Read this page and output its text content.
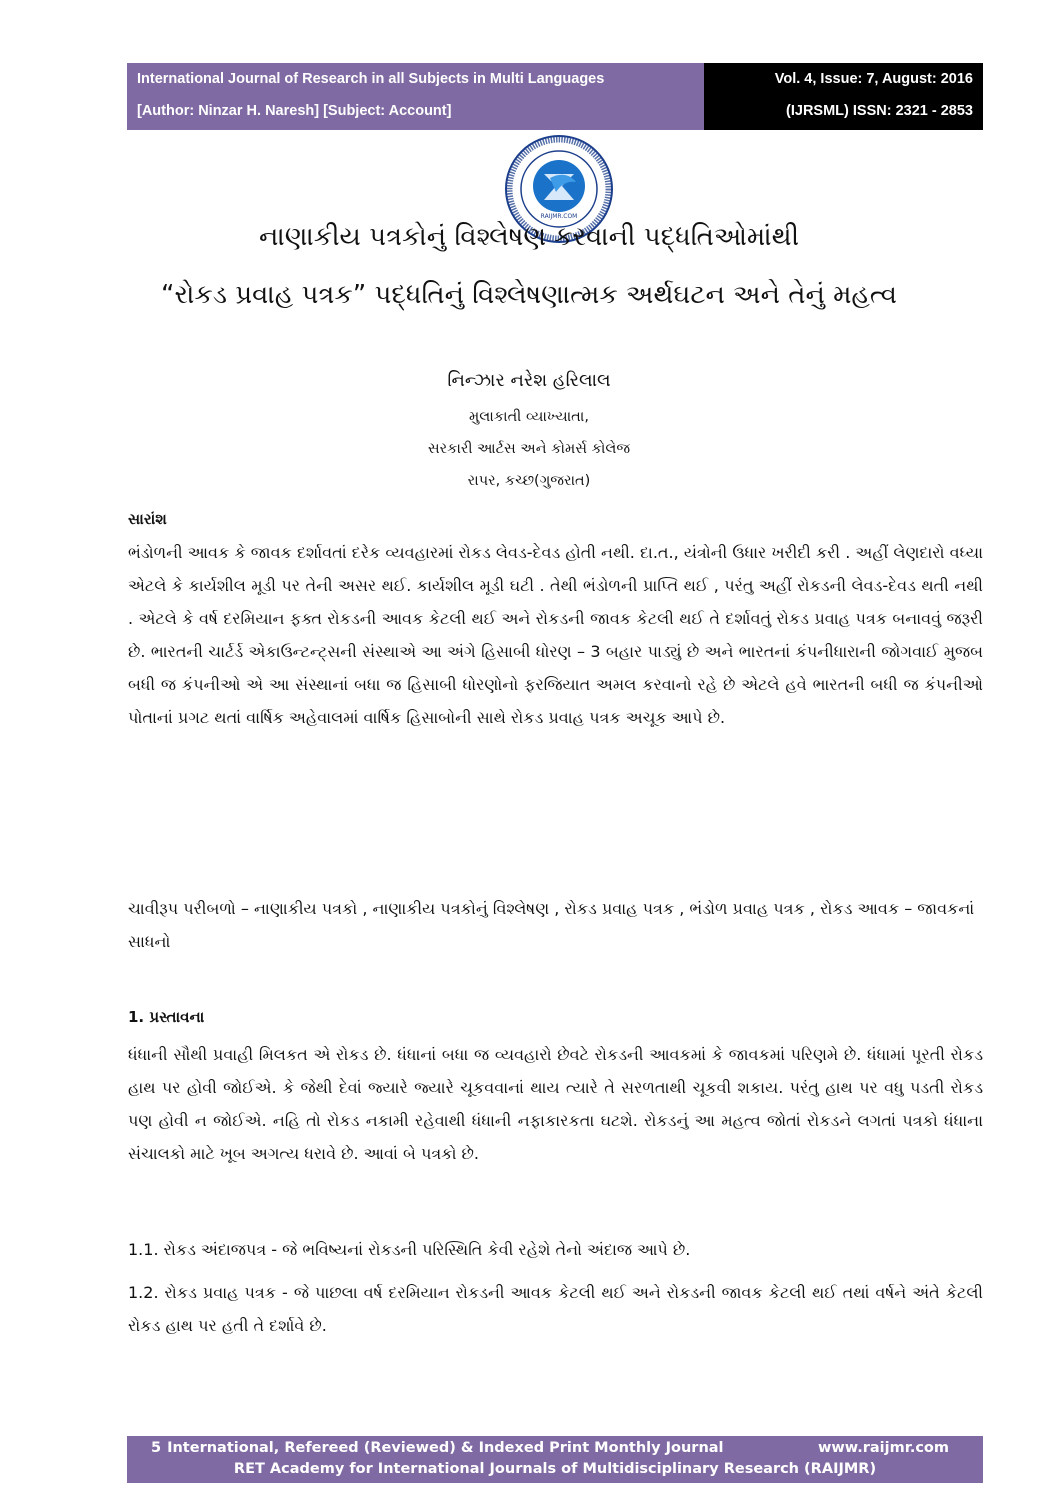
International Journal of Research in all Subjects in Multi Languages
[Author: Ninzar H. Naresh] [Subject: Account]
Vol. 4, Issue: 7, August: 2016
(IJRSML) ISSN: 2321 - 2853
RAIJMR.COM
નાણાકીય પત્રકોનું વિશ્લેષણ કરવાની પદ્ધતિઓમાંથી
“રોકડ પ્રવાહ પત્રક” પદ્ધતિનું વિશ્લેષણાત્મક અર્થઘટન અને તેનું મહત્વ
નિન્ઝાર નરેશ હરિલાલ
મુલાકાતી વ્યાખ્યાતા,
સરકારી આર્ટસ અને કોમર્સ કોલેજ
રાપર, કચ્છ(ગુજરાત)
સારાંશ
ભંડોળની આવક કે જાવક દર્શાવતાં દરેક વ્યવહારમાં રોકડ લેવડ-દેવડ હોતી નથી. દા.ત., યંત્રોની ઉધાર ખરીદી કરી . અહીં લેણદારો વધ્યા એટલે કે કાર્યશીલ મૂડી પર તેની અસર થઈ. કાર્યશીલ મૂડી ઘટી . તેથી ભંડોળની પ્રાપ્તિ થઈ , પરંતુ અહીં રોકડની લેવડ-દેવડ થતી નથી . એટલે કે વર્ષ દરમિયાન ફક્ત રોકડની આવક કેટલી થઈ અને રોકડની જાવક કેટલી થઈ તે દર્શાવતું રોકડ પ્રવાહ પત્રક બનાવવું જરૂરી છે. ભારતની ચાર્ટર્ડ એકાઉન્ટન્ટ્સની સંસ્થાએ આ અંગે હિસાબી ધોરણ – 3 બહાર પાડ્યું છે અને ભારતનાં કંપનીધારાની જોગવાઈ મુજબ બધી જ કંપનીઓ એ આ સંસ્થાનાં બધા જ હિસાબી ધોરણોનો ફરજિયાત અમલ કરવાનો રહે છે એટલે હવે ભારતની બધી જ કંપનીઓ પોતાનાં પ્રગટ થતાં વાર્ષિક અહેવાલમાં વાર્ષિક હિસાબોની સાથે રોકડ પ્રવાહ પત્રક અચૂક આપે છે.
ચાવીરૂપ પરીબળો – નાણાકીય પત્રકો , નાણાકીય પત્રકોનું વિશ્લેષણ , રોકડ પ્રવાહ પત્રક , ભંડોળ પ્રવાહ પત્રક , રોકડ આવક – જાવકનાં સાધનો
1. પ્રસ્તાવના
ધંધાની સૌથી પ્રવાહી મિલકત એ રોકડ છે. ધંધાનાં બધા જ વ્યવહારો છેવટે રોકડની આવકમાં કે જાવકમાં પરિણમે છે. ધંધામાં પૂરતી રોકડ હાથ પર હોવી જોઈએ. કે જેથી દેવાં જ્યારે જ્યારે ચૂકવવાનાં થાય ત્યારે તે સરળતાથી ચૂકવી શકાય. પરંતુ હાથ પર વધુ પડતી રોકડ પણ હોવી ન જોઈએ. નહિ તો રોકડ નકામી રહેવાથી ધંધાની નફાકારકતા ઘટશે. રોકડનું આ મહત્વ જોતાં રોકડને લગતાં પત્રકો ધંધાના સંચાલકો માટે ખૂબ અગત્ય ધરાવે છે. આવાં બે પત્રકો છે.
1.1. રોકડ અંદાજપત્ર - જે ભવિષ્યનાં રોકડની પરિસ્થિતિ કેવી રહેશે તેનો અંદાજ આપે છે.
1.2. રોકડ પ્રવાહ પત્રક - જે પાછલા વર્ષ દરમિયાન રોકડની આવક કેટલી થઈ અને રોકડની જાવક કેટલી થઈ તથાં વર્ષને અંતે કેટલી રોકડ હાથ પર હતી તે દર્શાવે છે.
5 International, Refereed (Reviewed) & Indexed Print Monthly Journal	www.raijmr.com
RET Academy for International Journals of Multidisciplinary Research (RAIJMR)
